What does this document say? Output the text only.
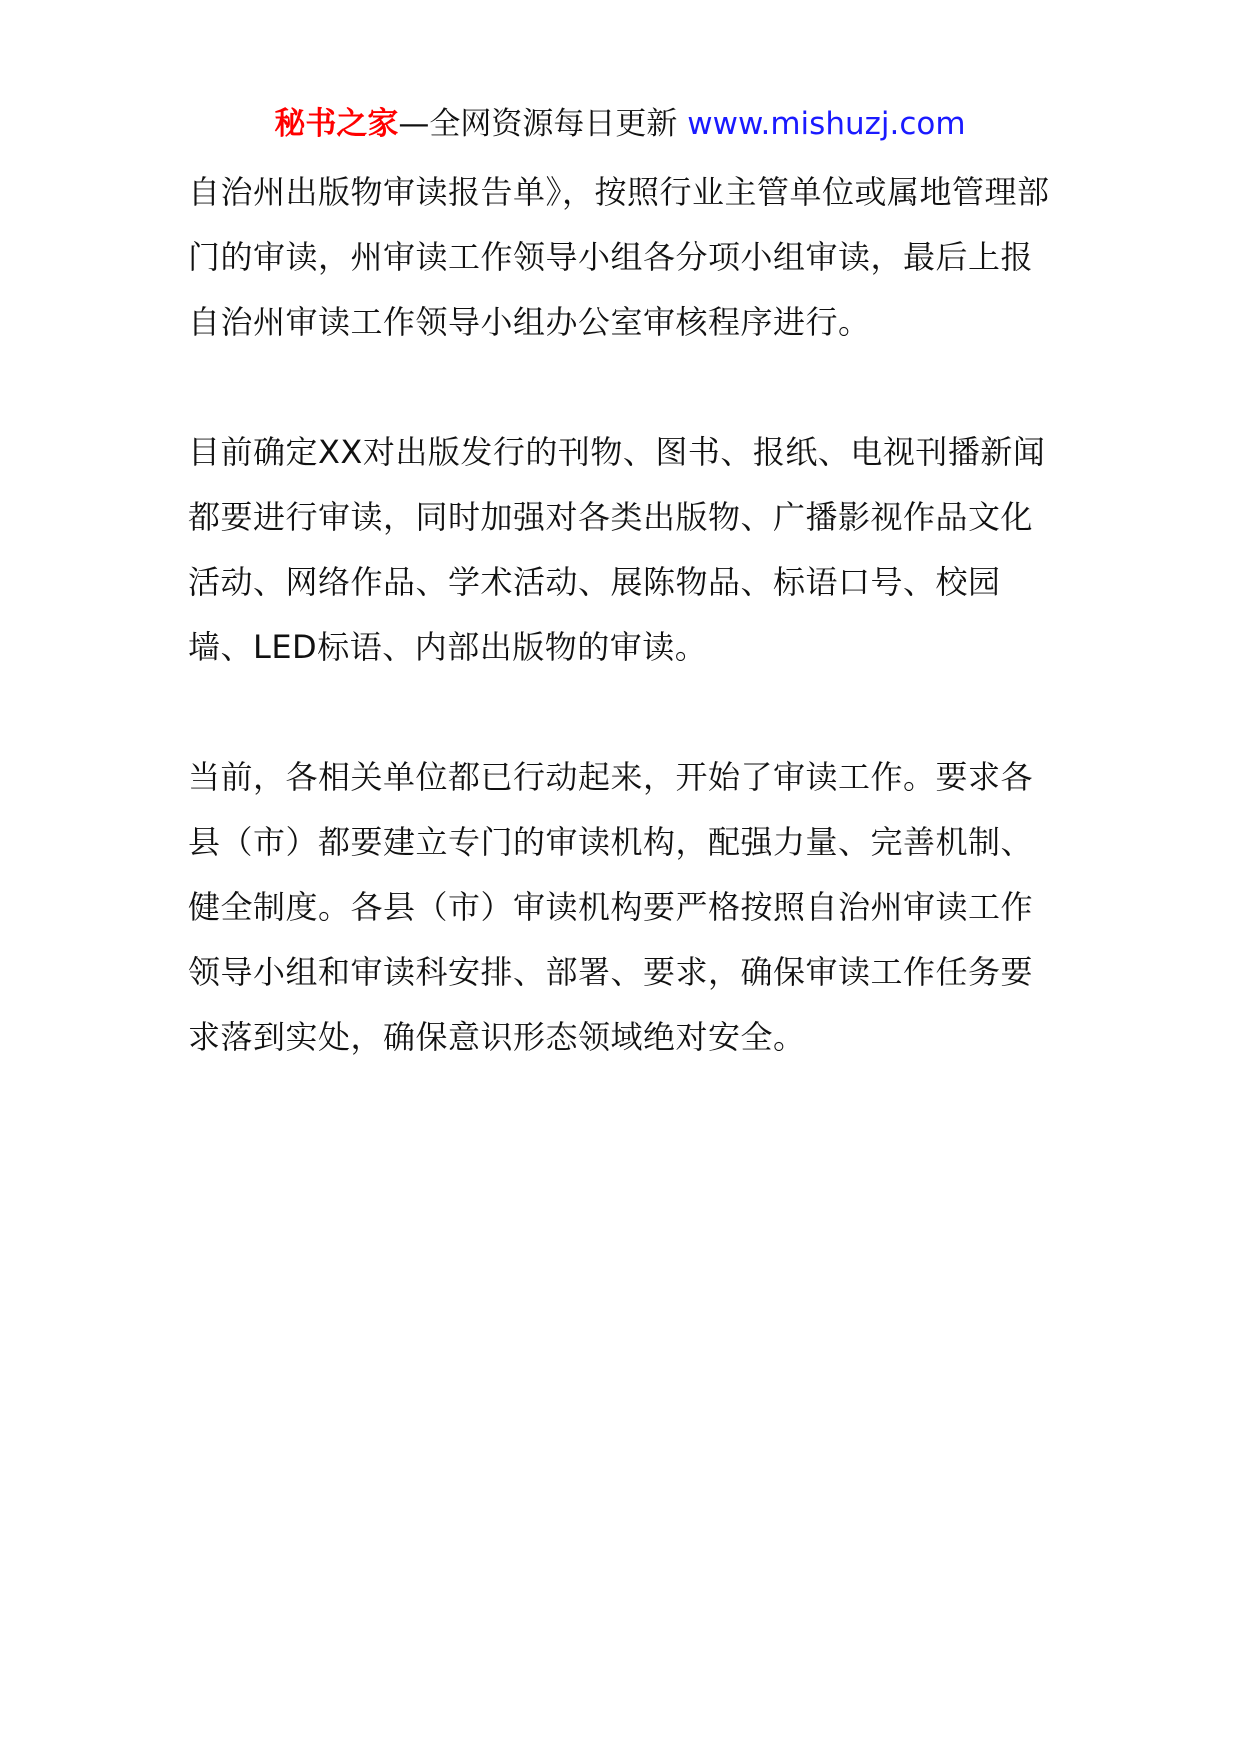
秘书之家—全网资源每日更新 www.mishuzj.com

自治州出版物审读报告单》，按照行业主管单位或属地管理部门的审读，州审读工作领导小组各分项小组审读，最后上报自治州审读工作领导小组办公室审核程序进行。

目前确定XX对出版发行的刊物、图书、报纸、电视刊播新闻都要进行审读，同时加强对各类出版物、广播影视作品文化活动、网络作品、学术活动、展陈物品、标语口号、校园墙、LED标语、内部出版物的审读。

当前，各相关单位都已行动起来，开始了审读工作。要求各县（市）都要建立专门的审读机构，配强力量、完善机制、健全制度。各县（市）审读机构要严格按照自治州审读工作领导小组和审读科安排、部署、要求，确保审读工作任务要求落到实处，确保意识形态领域绝对安全。
